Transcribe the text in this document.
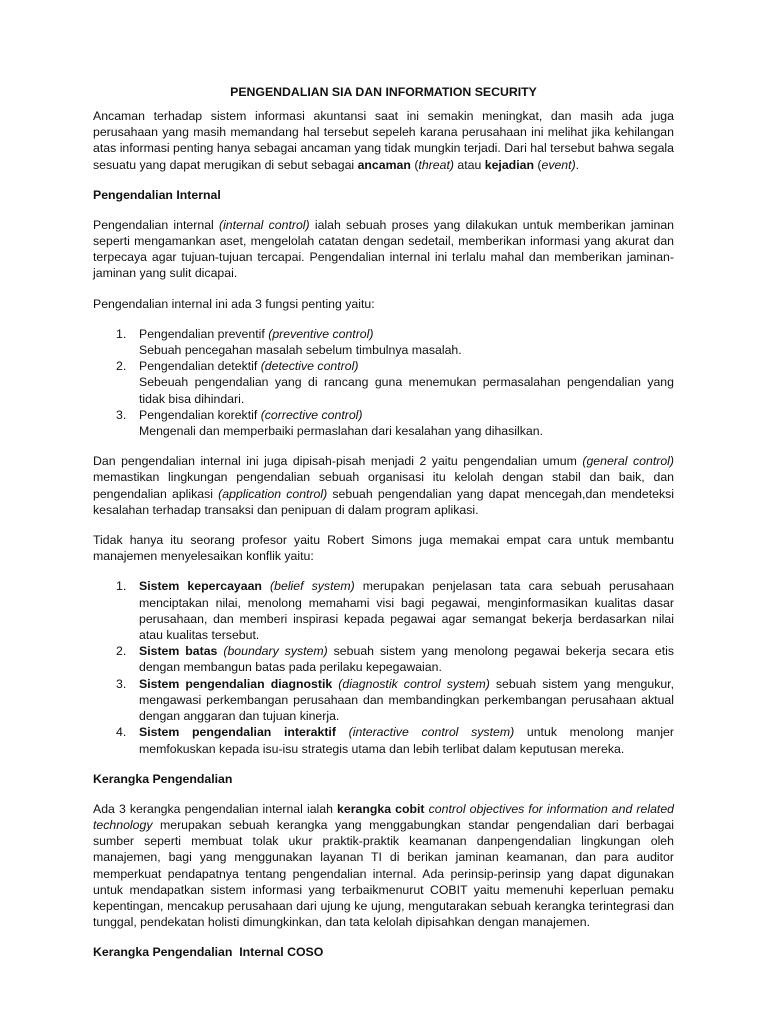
PENGENDALIAN SIA DAN INFORMATION SECURITY

Ancaman terhadap sistem informasi akuntansi saat ini semakin meningkat, dan masih ada juga perusahaan yang masih memandang hal tersebut sepeleh karana perusahaan ini melihat jika kehilangan atas informasi penting hanya sebagai ancaman yang tidak mungkin terjadi. Dari hal tersebut bahwa segala sesuatu yang dapat merugikan di sebut sebagai ancaman (threat) atau kejadian (event).

Pengendalian Internal

Pengendalian internal (internal control) ialah sebuah proses yang dilakukan untuk memberikan jaminan seperti mengamankan aset, mengelolah catatan dengan sedetail, memberikan informasi yang akurat dan terpecaya agar tujuan-tujuan tercapai. Pengendalian internal ini terlalu mahal dan memberikan jaminan-jaminan yang sulit dicapai.

Pengendalian internal ini ada 3 fungsi penting yaitu:

1. Pengendalian preventif (preventive control)
Sebuah pencegahan masalah sebelum timbulnya masalah.
2. Pengendalian detektif (detective control)
Sebeuah pengendalian yang di rancang guna menemukan permasalahan pengendalian yang tidak bisa dihindari.
3. Pengendalian korektif (corrective control)
Mengenali dan memperbaiki permaslahan dari kesalahan yang dihasilkan.

Dan pengendalian internal ini juga dipisah-pisah menjadi 2 yaitu pengendalian umum (general control) memastikan lingkungan pengendalian sebuah organisasi itu kelolah dengan stabil dan baik, dan pengendalian aplikasi (application control) sebuah pengendalian yang dapat mencegah,dan mendeteksi kesalahan terhadap transaksi dan penipuan di dalam program aplikasi.

Tidak hanya itu seorang profesor yaitu Robert Simons juga memakai empat cara untuk membantu manajemen menyelesaikan konflik yaitu:

1. Sistem kepercayaan (belief system) merupakan penjelasan tata cara sebuah perusahaan menciptakan nilai, menolong memahami visi bagi pegawai, menginformasikan kualitas dasar perusahaan, dan memberi inspirasi kepada pegawai agar semangat bekerja berdasarkan nilai atau kualitas tersebut.
2. Sistem batas (boundary system) sebuah sistem yang menolong pegawai bekerja secara etis dengan membangun batas pada perilaku kepegawaian.
3. Sistem pengendalian diagnostik (diagnostik control system) sebuah sistem yang mengukur, mengawasi perkembangan perusahaan dan membandingkan perkembangan perusahaan aktual dengan anggaran dan tujuan kinerja.
4. Sistem pengendalian interaktif (interactive control system) untuk menolong manjer memfokuskan kepada isu-isu strategis utama dan lebih terlibat dalam keputusan mereka.
Kerangka Pengendalian

Ada 3 kerangka pengendalian internal ialah kerangka cobit control objectives for information and related technology merupakan sebuah kerangka yang menggabungkan standar pengendalian dari berbagai sumber seperti membuat tolak ukur praktik-praktik keamanan danpengendalian lingkungan oleh manajemen, bagi yang menggunakan layanan TI di berikan jaminan keamanan, dan para auditor memperkuat pendapatnya tentang pengendalian internal. Ada perinsip-perinsip yang dapat digunakan untuk mendapatkan sistem informasi yang terbaikmenurut COBIT yaitu memenuhi keperluan pemaku kepentingan, mencakup perusahaan dari ujung ke ujung, mengutarakan sebuah kerangka terintegrasi dan tunggal, pendekatan holisti dimungkinkan, dan tata kelolah dipisahkan dengan manajemen.

Kerangka Pengendalian  Internal COSO
